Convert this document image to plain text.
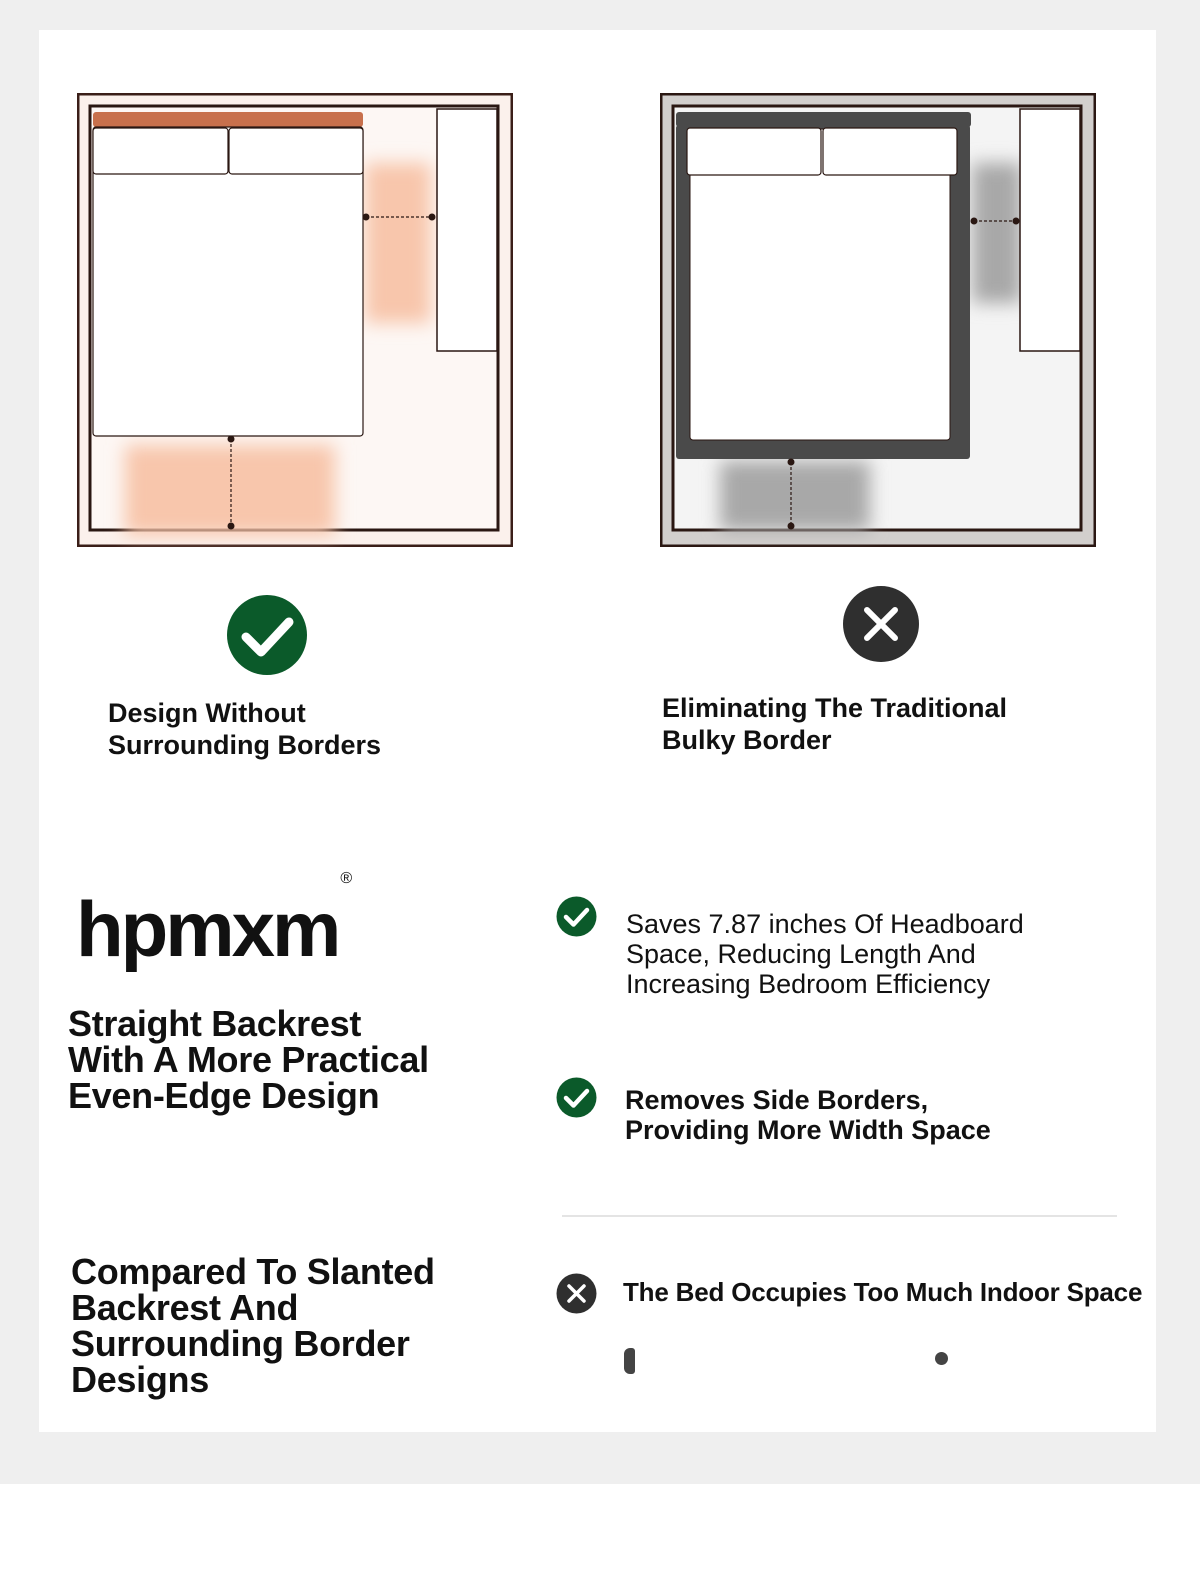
Design Without
Surrounding Borders

Eliminating The Traditional
Bulky Border

hpmxm®

Straight Backrest
With A More Practical
Even-Edge Design

Compared To Slanted
Backrest And
Surrounding Border
Designs

Saves 7.87 inches Of Headboard
Space, Reducing Length And
Increasing Bedroom Efficiency

Removes Side Borders,
Providing More Width Space

The Bed Occupies Too Much Indoor Space
